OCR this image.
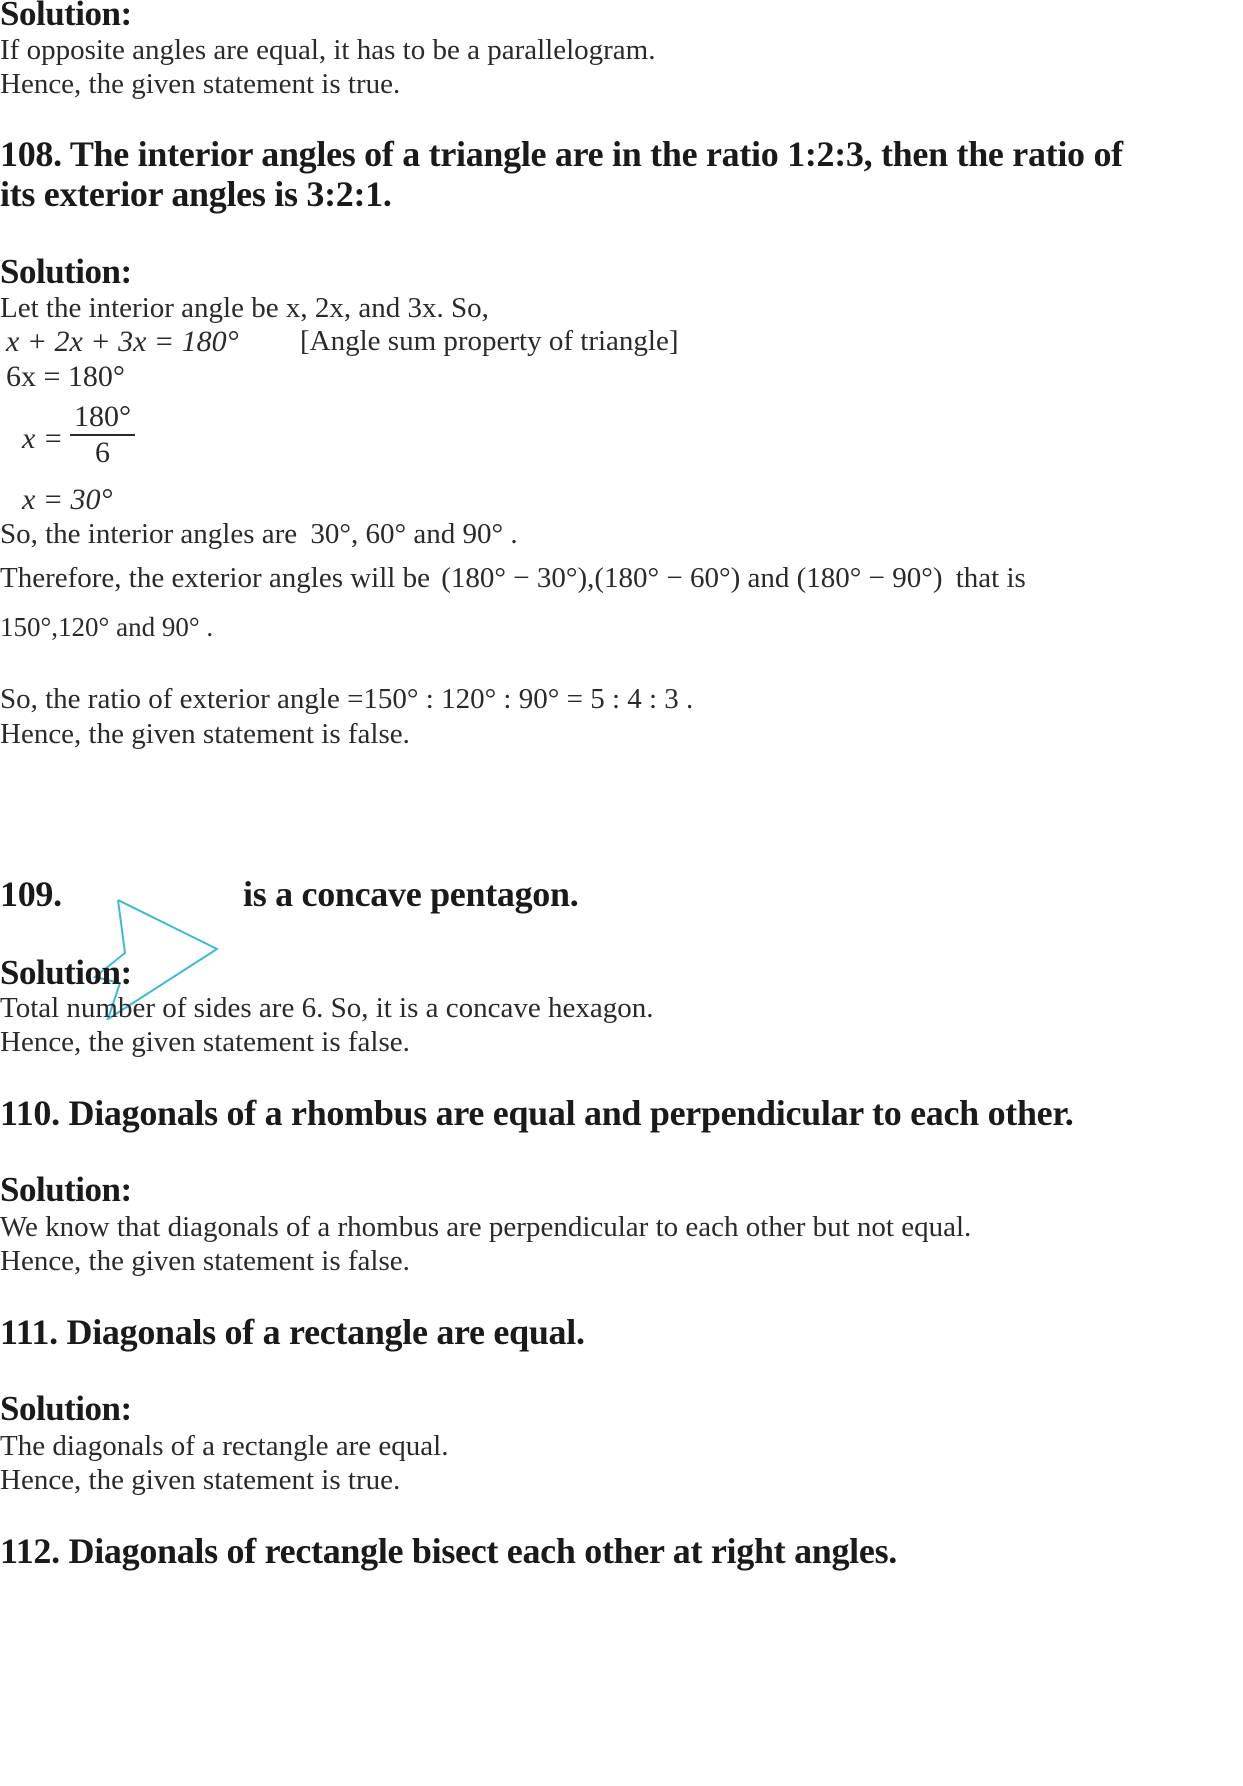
Solution:
If opposite angles are equal, it has to be a parallelogram.
Hence, the given statement is true.
108. The interior angles of a triangle are in the ratio 1:2:3, then the ratio of
its exterior angles is 3:2:1.
Solution:
Let the interior angle be x, 2x, and 3x. So,
x + 2x + 3x = 180° [Angle sum property of triangle]
6x = 180°
$x = \frac{180^\circ}{6}$
x = 30°
So, the interior angles are 30°, 60° and 90° .
Therefore, the exterior angles will be (180° − 30°),(180° − 60°) and (180° − 90°) that is
150°,120° and 90° .
So, the ratio of exterior angle =150° : 120° : 90° = 5 : 4 : 3 .
Hence, the given statement is false.
109.	is a concave pentagon.
Solution:
Total number of sides are 6. So, it is a concave hexagon.
Hence, the given statement is false.
110. Diagonals of a rhombus are equal and perpendicular to each other.
Solution:
We know that diagonals of a rhombus are perpendicular to each other but not equal.
Hence, the given statement is false.
111. Diagonals of a rectangle are equal.
Solution:
The diagonals of a rectangle are equal.
Hence, the given statement is true.
112. Diagonals of rectangle bisect each other at right angles.
